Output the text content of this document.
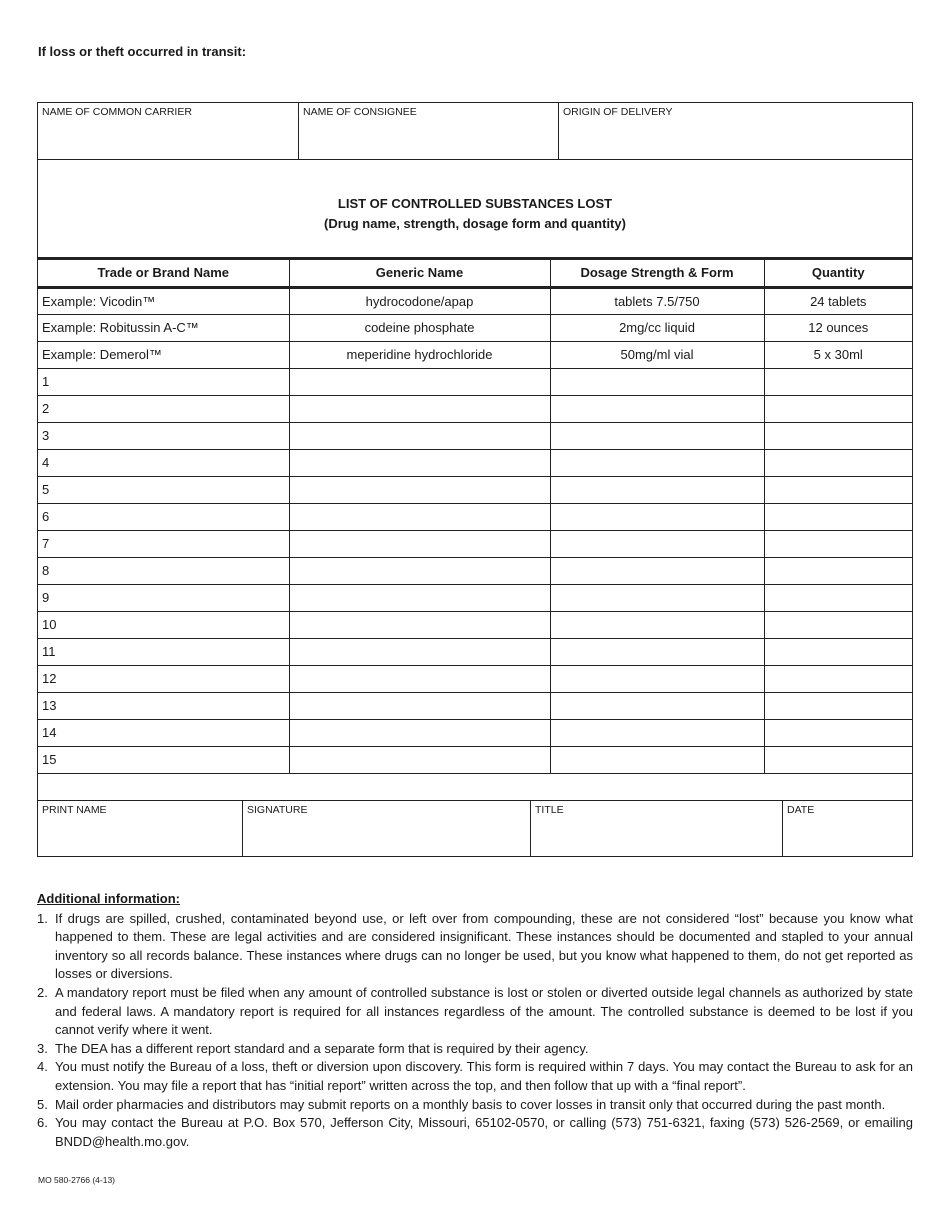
If loss or theft occurred in transit:
NAME OF COMMON CARRIER	NAME OF CONSIGNEE	ORIGIN OF DELIVERY
LIST OF CONTROLLED SUBSTANCES LOST
(Drug name, strength, dosage form and quantity)
Trade or Brand Name	Generic Name	Dosage Strength & Form	Quantity
Example: Vicodin™	hydrocodone/apap	tablets 7.5/750	24 tablets
Example: Robitussin A-C™	codeine phosphate	2mg/cc liquid	12 ounces
Example: Demerol™	meperidine hydrochloride	50mg/ml vial	5 x 30ml
1			
2			
3			
4			
5			
6			
7			
8			
9			
10			
11			
12			
13			
14			
15			
PRINT NAME	SIGNATURE	TITLE	DATE
Additional information:
1. If drugs are spilled, crushed, contaminated beyond use, or left over from compounding, these are not considered “lost” because you know what happened to them. These are legal activities and are considered insignificant. These instances should be documented and stapled to your annual inventory so all records balance. These instances where drugs can no longer be used, but you know what happened to them, do not get reported as losses or diversions.
2. A mandatory report must be filed when any amount of controlled substance is lost or stolen or diverted outside legal channels as authorized by state and federal laws. A mandatory report is required for all instances regardless of the amount. The controlled substance is deemed to be lost if you cannot verify where it went.
3. The DEA has a different report standard and a separate form that is required by their agency.
4. You must notify the Bureau of a loss, theft or diversion upon discovery. This form is required within 7 days. You may contact the Bureau to ask for an extension. You may file a report that has “initial report” written across the top, and then follow that up with a “final report”.
5. Mail order pharmacies and distributors may submit reports on a monthly basis to cover losses in transit only that occurred during the past month.
6. You may contact the Bureau at P.O. Box 570, Jefferson City, Missouri, 65102-0570, or calling (573) 751-6321, faxing (573) 526-2569, or emailing BNDD@health.mo.gov.
MO 580-2766 (4-13)
